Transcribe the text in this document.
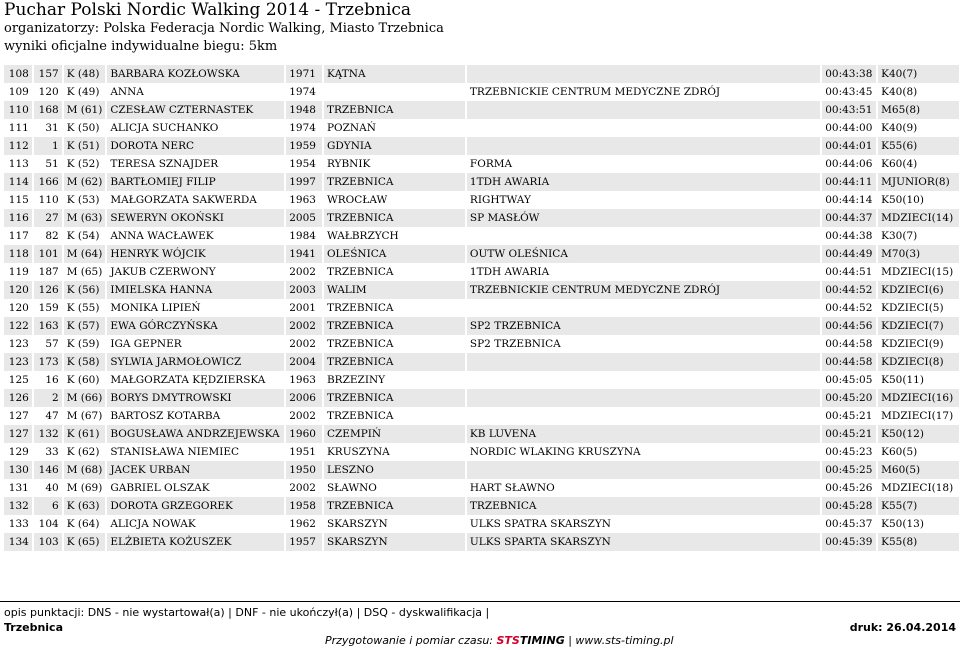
Puchar Polski Nordic Walking 2014 - Trzebnica
organizatorzy: Polska Federacja Nordic Walking, Miasto Trzebnica
wyniki oficjalne indywidualne biegu: 5km
108	157	K (48)	BARBARA KOZŁOWSKA	1971	KĄTNA		00:43:38	K40(7)
109	120	K (49)	ANNA	1974		TRZEBNICKIE CENTRUM MEDYCZNE ZDRÓJ	00:43:45	K40(8)
110	168	M (61)	CZESŁAW CZTERNASTEK	1948	TRZEBNICA		00:43:51	M65(8)
111	31	K (50)	ALICJA SUCHANKO	1974	POZNAŃ		00:44:00	K40(9)
112	1	K (51)	DOROTA NERC	1959	GDYNIA		00:44:01	K55(6)
113	51	K (52)	TERESA SZNAJDER	1954	RYBNIK	FORMA	00:44:06	K60(4)
114	166	M (62)	BARTŁOMIEJ FILIP	1997	TRZEBNICA	1TDH AWARIA	00:44:11	MJUNIOR(8)
115	110	K (53)	MAŁGORZATA SAKWERDA	1963	WROCŁAW	RIGHTWAY	00:44:14	K50(10)
116	27	M (63)	SEWERYN OKOŃSKI	2005	TRZEBNICA	SP MASŁÓW	00:44:37	MDZIECI(14)
117	82	K (54)	ANNA WACŁAWEK	1984	WAŁBRZYCH		00:44:38	K30(7)
118	101	M (64)	HENRYK WÓJCIK	1941	OLEŚNICA	OUTW OLEŚNICA	00:44:49	M70(3)
119	187	M (65)	JAKUB CZERWONY	2002	TRZEBNICA	1TDH AWARIA	00:44:51	MDZIECI(15)
120	126	K (56)	IMIELSKA HANNA	2003	WALIM	TRZEBNICKIE CENTRUM MEDYCZNE ZDRÓJ	00:44:52	KDZIECI(6)
120	159	K (55)	MONIKA LIPIEŃ	2001	TRZEBNICA		00:44:52	KDZIECI(5)
122	163	K (57)	EWA GÓRCZYŃSKA	2002	TRZEBNICA	SP2 TRZEBNICA	00:44:56	KDZIECI(7)
123	57	K (59)	IGA GEPNER	2002	TRZEBNICA	SP2 TRZEBNICA	00:44:58	KDZIECI(9)
123	173	K (58)	SYLWIA JARMOŁOWICZ	2004	TRZEBNICA		00:44:58	KDZIECI(8)
125	16	K (60)	MAŁGORZATA KĘDZIERSKA	1963	BRZEZINY		00:45:05	K50(11)
126	2	M (66)	BORYS DMYTROWSKI	2006	TRZEBNICA		00:45:20	MDZIECI(16)
127	47	M (67)	BARTOSZ KOTARBA	2002	TRZEBNICA		00:45:21	MDZIECI(17)
127	132	K (61)	BOGUSŁAWA ANDRZEJEWSKA	1960	CZEMPIŃ	KB LUVENA	00:45:21	K50(12)
129	33	K (62)	STANISŁAWA NIEMIEC	1951	KRUSZYNA	NORDIC WLAKING KRUSZYNA	00:45:23	K60(5)
130	146	M (68)	JACEK URBAN	1950	LESZNO		00:45:25	M60(5)
131	40	M (69)	GABRIEL OLSZAK	2002	SŁAWNO	HART SŁAWNO	00:45:26	MDZIECI(18)
132	6	K (63)	DOROTA GRZEGOREK	1958	TRZEBNICA	TRZEBNICA	00:45:28	K55(7)
133	104	K (64)	ALICJA NOWAK	1962	SKARSZYN	ULKS SPATRA SKARSZYN	00:45:37	K50(13)
134	103	K (65)	ELŻBIETA KOŻUSZEK	1957	SKARSZYN	ULKS SPARTA SKARSZYN	00:45:39	K55(8)
opis punktacji: DNS - nie wystartował(a) | DNF - nie ukończył(a) | DSQ - dyskwalifikacja |
Trzebnica
Przygotowanie i pomiar czasu: STSTIMING | www.sts-timing.pl
druk: 26.04.2014
